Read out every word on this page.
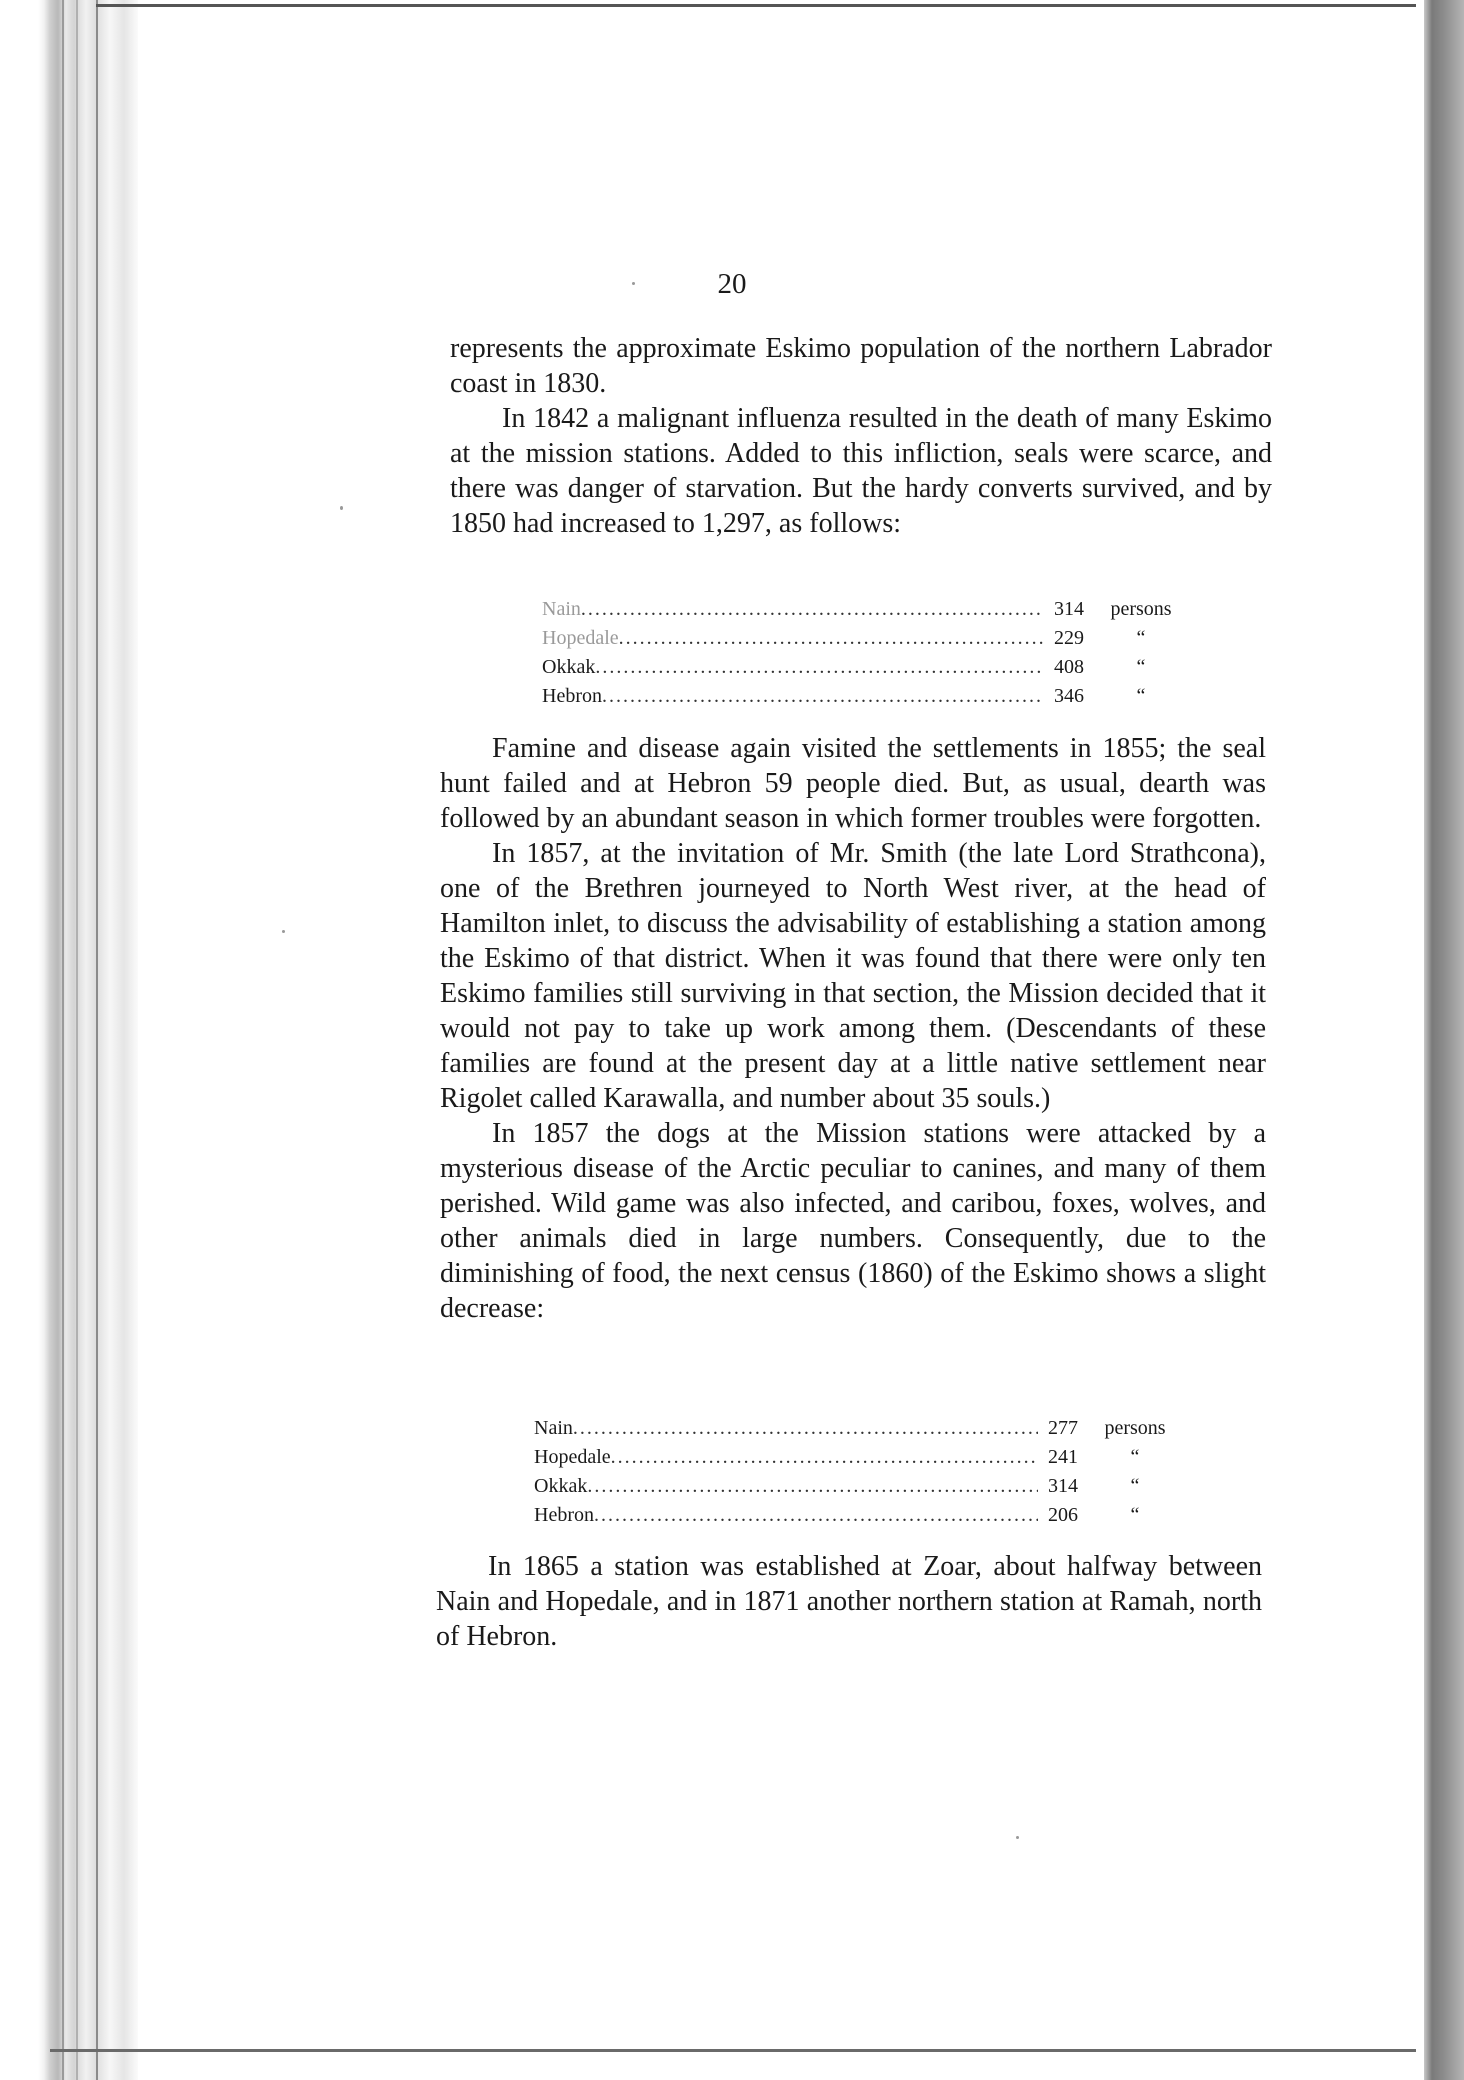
20

represents the approximate Eskimo population of the northern Labrador coast in 1830.

In 1842 a malignant influenza resulted in the death of many Eskimo at the mission stations. Added to this infliction, seals were scarce, and there was danger of starvation. But the hardy converts survived, and by 1850 had increased to 1,297, as follows:

Nain .....	314	persons
Hopedale .....	229	“
Okkak .....	408	“
Hebron .....	346	“

Famine and disease again visited the settlements in 1855; the seal hunt failed and at Hebron 59 people died. But, as usual, dearth was followed by an abundant season in which former troubles were forgotten.

In 1857, at the invitation of Mr. Smith (the late Lord Strathcona), one of the Brethren journeyed to North West river, at the head of Hamilton inlet, to discuss the advisability of establishing a station among the Eskimo of that district. When it was found that there were only ten Eskimo families still surviving in that section, the Mission decided that it would not pay to take up work among them. (Descendants of these families are found at the present day at a little native settlement near Rigolet called Karawalla, and number about 35 souls.)

In 1857 the dogs at the Mission stations were attacked by a mysterious disease of the Arctic peculiar to canines, and many of them perished. Wild game was also infected, and caribou, foxes, wolves, and other animals died in large numbers. Consequently, due to the diminishing of food, the next census (1860) of the Eskimo shows a slight decrease:

Nain .....	277	persons
Hopedale .....	241	“
Okkak .....	314	“
Hebron .....	206	“

In 1865 a station was established at Zoar, about halfway between Nain and Hopedale, and in 1871 another northern station at Ramah, north of Hebron.
